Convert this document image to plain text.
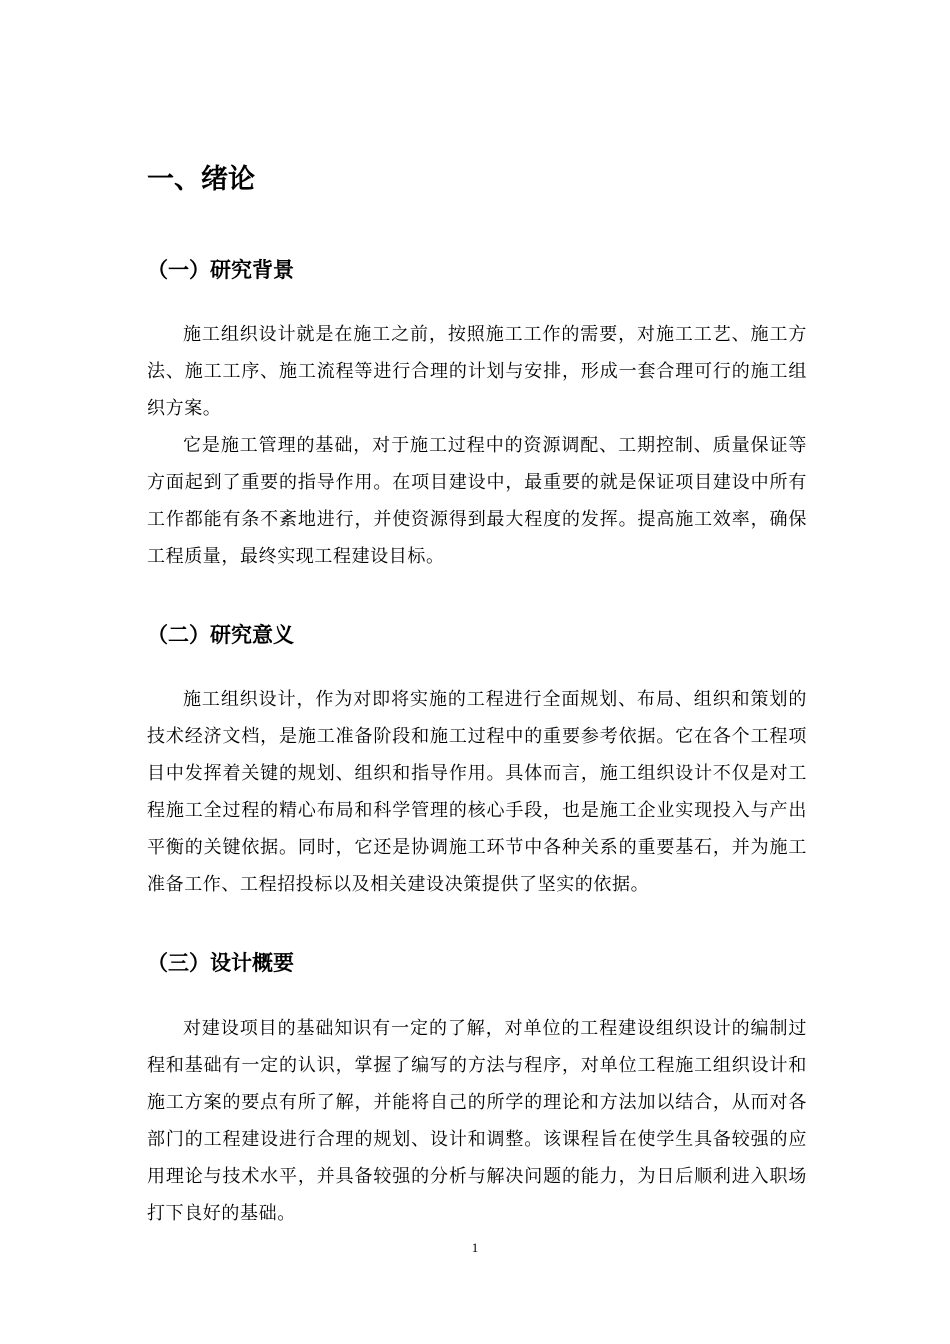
一、绪论
（一）研究背景

施工组织设计就是在施工之前，按照施工工作的需要，对施工工艺、施工方法、施工工序、施工流程等进行合理的计划与安排，形成一套合理可行的施工组织方案。

它是施工管理的基础，对于施工过程中的资源调配、工期控制、质量保证等方面起到了重要的指导作用。在项目建设中，最重要的就是保证项目建设中所有工作都能有条不紊地进行，并使资源得到最大程度的发挥。提高施工效率，确保工程质量，最终实现工程建设目标。

（二）研究意义

施工组织设计，作为对即将实施的工程进行全面规划、布局、组织和策划的技术经济文档，是施工准备阶段和施工过程中的重要参考依据。它在各个工程项目中发挥着关键的规划、组织和指导作用。具体而言，施工组织设计不仅是对工程施工全过程的精心布局和科学管理的核心手段，也是施工企业实现投入与产出平衡的关键依据。同时，它还是协调施工环节中各种关系的重要基石，并为施工准备工作、工程招投标以及相关建设决策提供了坚实的依据。

（三）设计概要

对建设项目的基础知识有一定的了解，对单位的工程建设组织设计的编制过程和基础有一定的认识，掌握了编写的方法与程序，对单位工程施工组织设计和施工方案的要点有所了解，并能将自己的所学的理论和方法加以结合，从而对各部门的工程建设进行合理的规划、设计和调整。该课程旨在使学生具备较强的应用理论与技术水平，并具备较强的分析与解决问题的能力，为日后顺利进入职场打下良好的基础。

1
